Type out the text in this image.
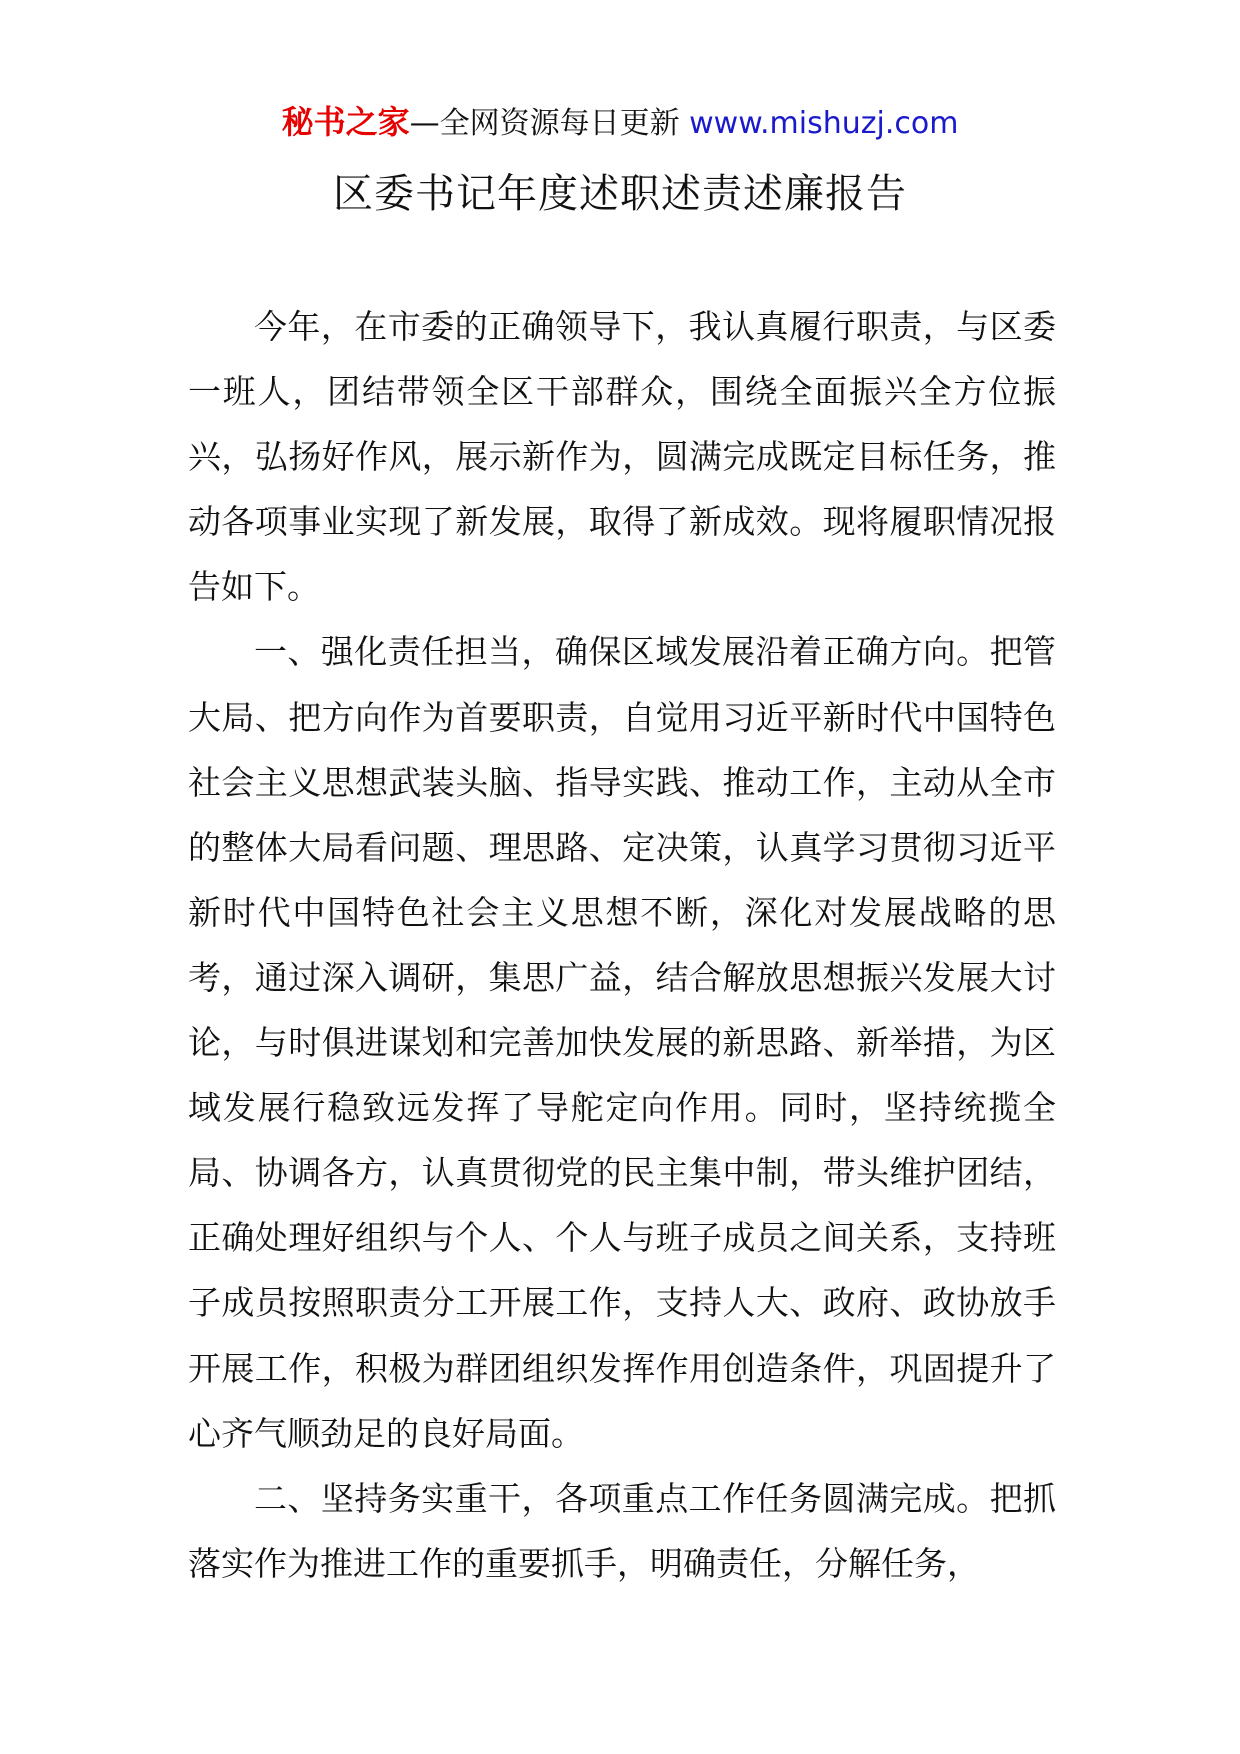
秘书之家—全网资源每日更新 www.mishuzj.com
区委书记年度述职述责述廉报告

今年，在市委的正确领导下，我认真履行职责，与区委一班人，团结带领全区干部群众，围绕全面振兴全方位振兴，弘扬好作风，展示新作为，圆满完成既定目标任务，推动各项事业实现了新发展，取得了新成效。现将履职情况报告如下。

一、强化责任担当，确保区域发展沿着正确方向。把管大局、把方向作为首要职责，自觉用习近平新时代中国特色社会主义思想武装头脑、指导实践、推动工作，主动从全市的整体大局看问题、理思路、定决策，认真学习贯彻习近平新时代中国特色社会主义思想不断，深化对发展战略的思考，通过深入调研，集思广益，结合解放思想振兴发展大讨论，与时俱进谋划和完善加快发展的新思路、新举措，为区域发展行稳致远发挥了导舵定向作用。同时，坚持统揽全局、协调各方，认真贯彻党的民主集中制，带头维护团结，正确处理好组织与个人、个人与班子成员之间关系，支持班子成员按照职责分工开展工作，支持人大、政府、政协放手开展工作，积极为群团组织发挥作用创造条件，巩固提升了心齐气顺劲足的良好局面。

二、坚持务实重干，各项重点工作任务圆满完成。把抓落实作为推进工作的重要抓手，明确责任，分解任务，
